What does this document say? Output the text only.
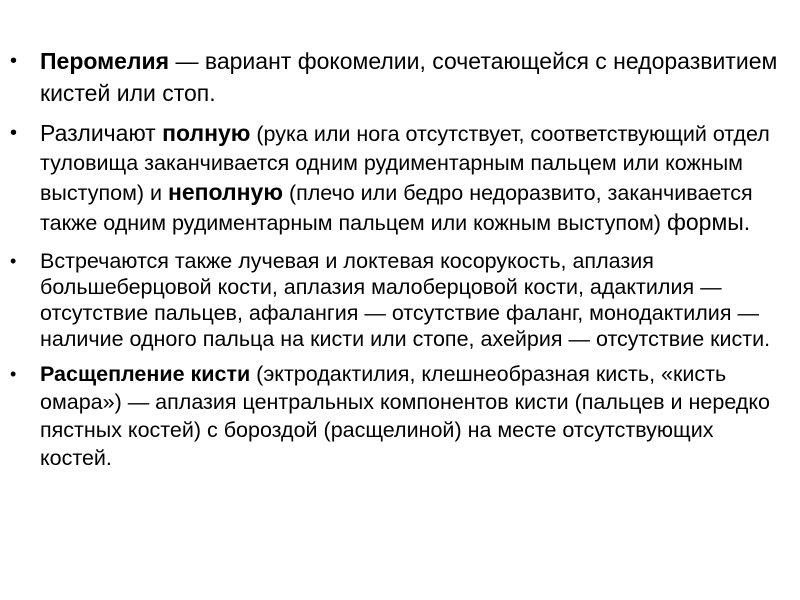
• Перомелия — вариант фокомелии, сочетающейся с недоразвитием кистей или стоп.
• Различают полную (рука или нога отсутствует, соответствующий отдел туловища заканчивается одним рудиментарным пальцем или кожным выступом) и неполную (плечо или бедро недоразвито, заканчивается также одним рудиментарным пальцем или кожным выступом) формы.
•	Встречаются также лучевая и локтевая косорукость, аплазия большеберцовой кости, аплазия малоберцовой кости, адактилия — отсутствие пальцев, афалангия — отсутствие фаланг, монодактилия — наличие одного пальца на кисти или стопе, ахейрия — отсутствие кисти.
•	Расщепление кисти (эктродактилия, клешнеобразная кисть, «кисть омара») — аплазия центральных компонентов кисти (пальцев и нередко пястных костей) с бороздой (расщелиной) на месте отсутствующих костей.
